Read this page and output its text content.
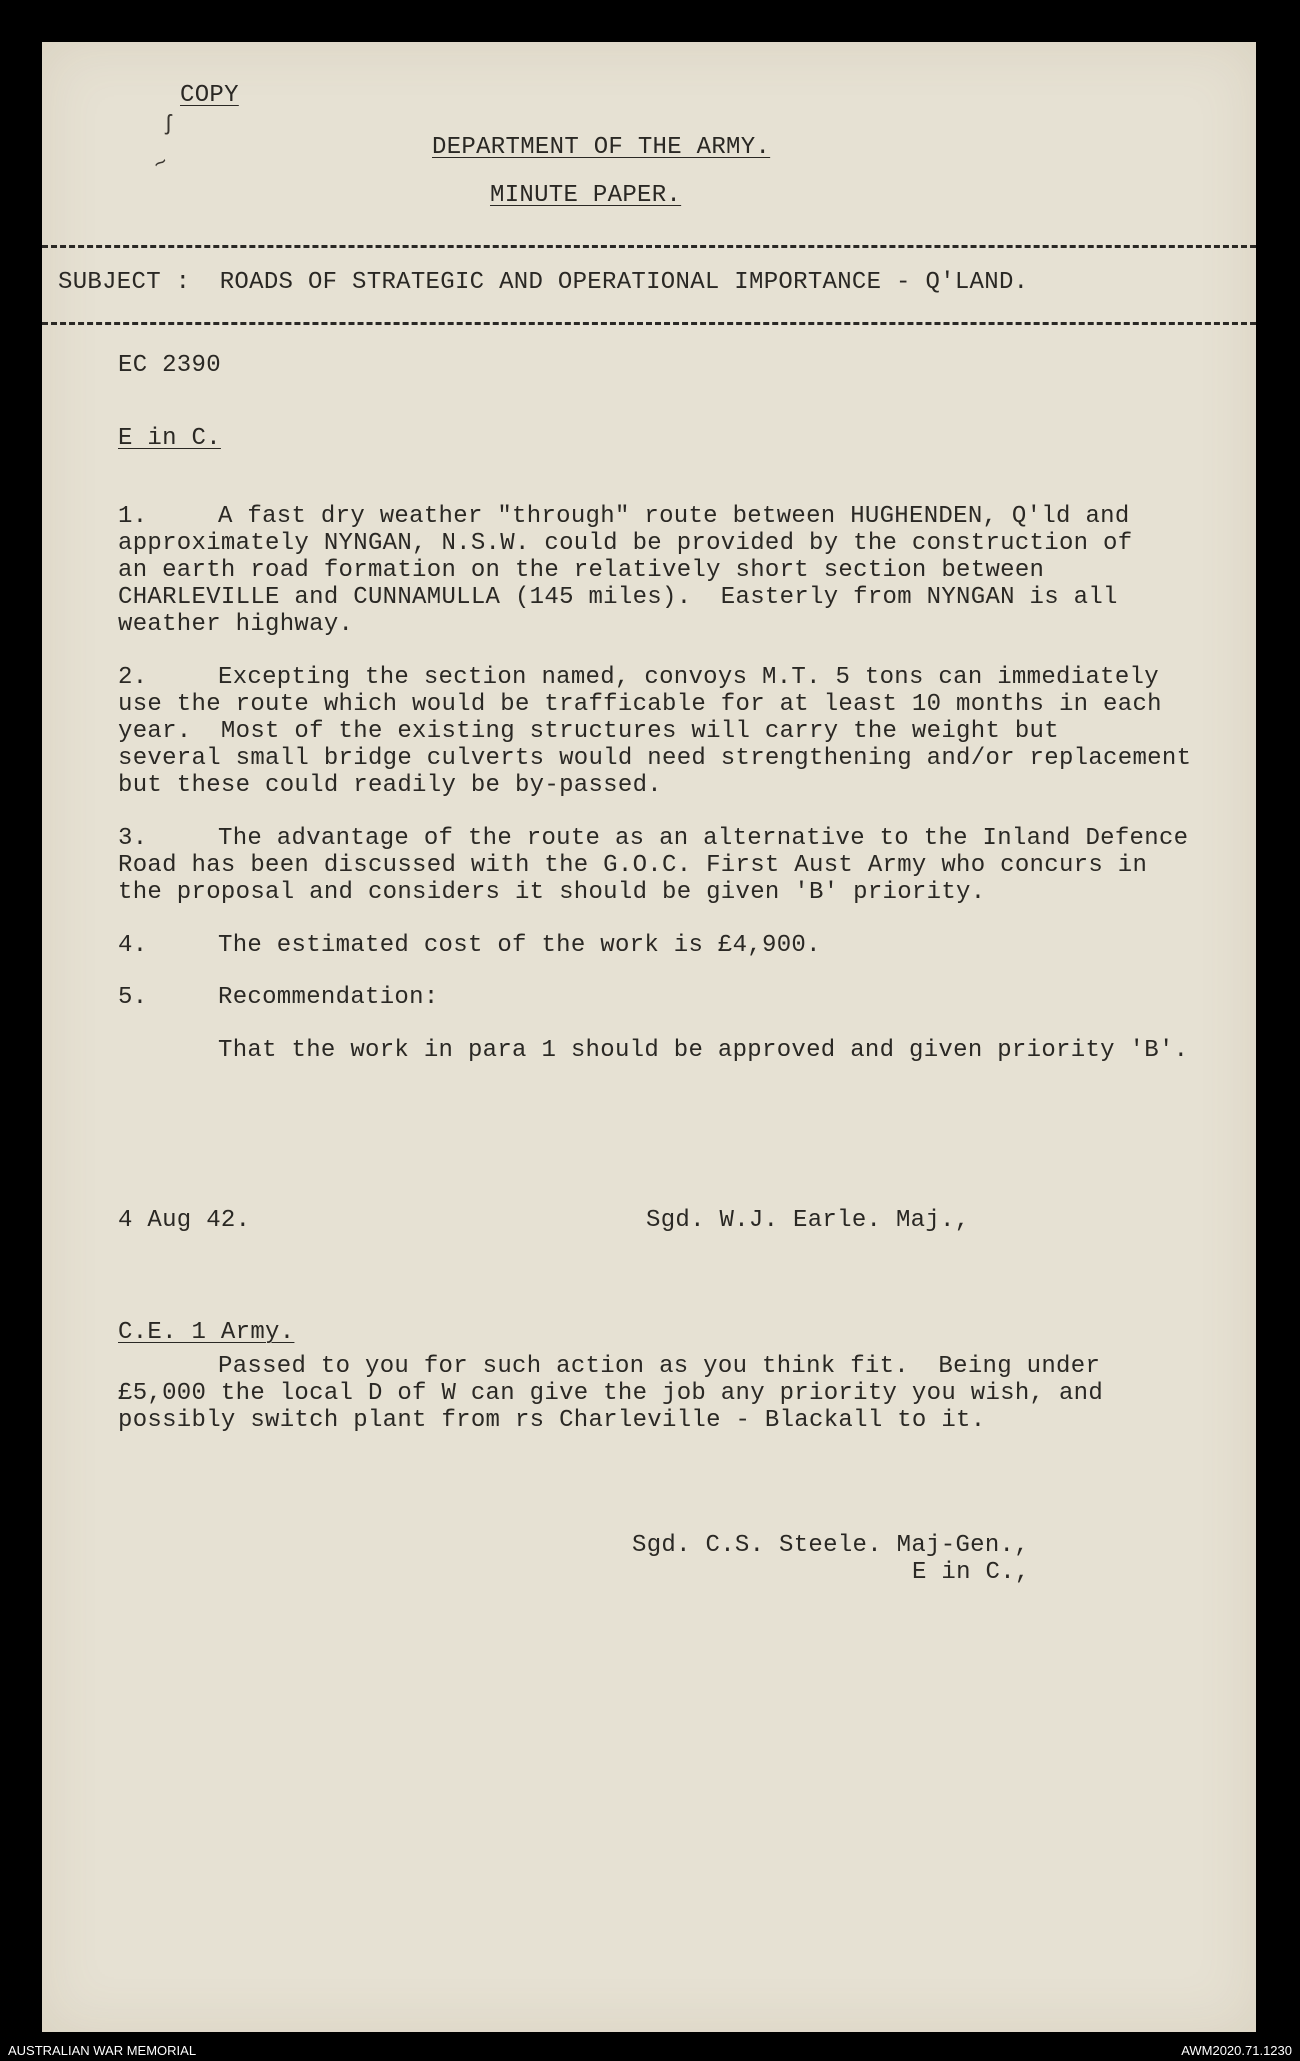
COPY
ʃ
~
DEPARTMENT OF THE ARMY.
MINUTE PAPER.
SUBJECT :  ROADS OF STRATEGIC AND OPERATIONAL IMPORTANCE - Q'LAND.
EC 2390
E in C.
1.	A fast dry weather "through" route between HUGHENDEN, Q'ld and
approximately NYNGAN, N.S.W. could be provided by the construction of
an earth road formation on the relatively short section between
CHARLEVILLE and CUNNAMULLA (145 miles).  Easterly from NYNGAN is all
weather highway.
2.	Excepting the section named, convoys M.T. 5 tons can immediately
use the route which would be trafficable for at least 10 months in each
year.  Most of the existing structures will carry the weight but
several small bridge culverts would need strengthening and/or replacement
but these could readily be by-passed.
3.	The advantage of the route as an alternative to the Inland Defence
Road has been discussed with the G.O.C. First Aust Army who concurs in
the proposal and considers it should be given 'B' priority.
4.	The estimated cost of the work is £4,900.
5.	Recommendation:
That the work in para 1 should be approved and given priority 'B'.
4 Aug 42.	Sgd. W.J. Earle. Maj.,
C.E. 1 Army.
Passed to you for such action as you think fit.  Being under
£5,000 the local D of W can give the job any priority you wish, and
possibly switch plant from rs Charleville - Blackall to it.
Sgd. C.S. Steele. Maj-Gen.,
E in C.,
AUSTRALIAN WAR MEMORIAL	AWM2020.71.1230
